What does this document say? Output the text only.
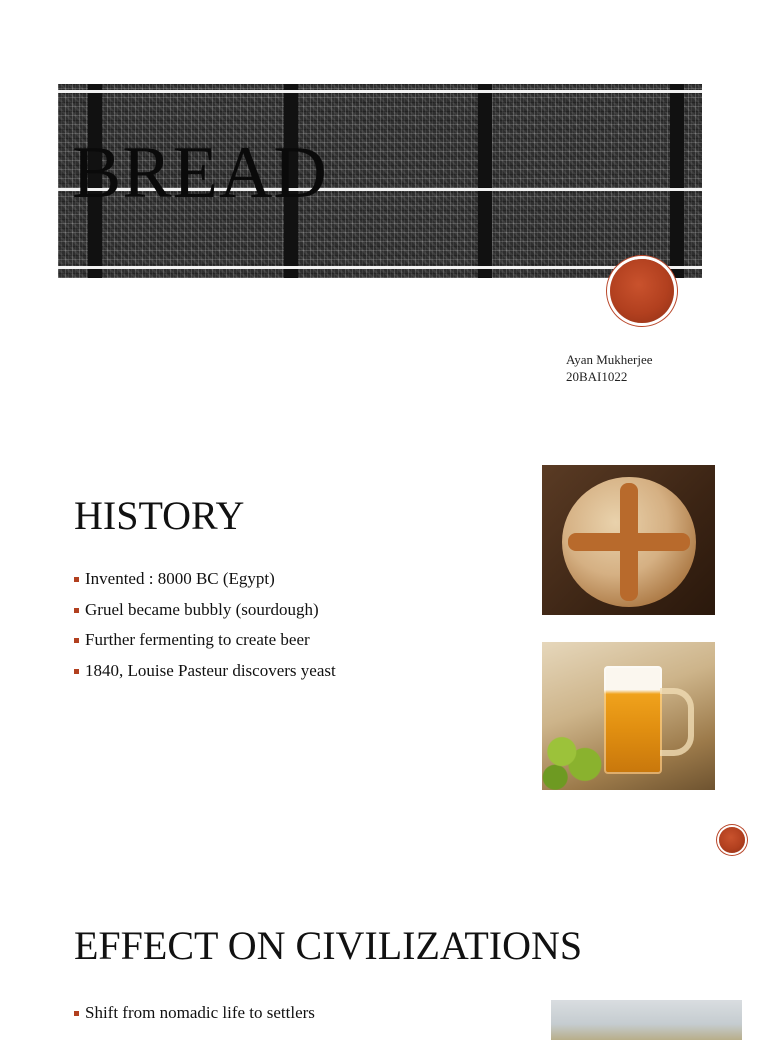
BREAD
Ayan Mukherjee
20BAI1022
HISTORY
Invented : 8000 BC (Egypt)
Gruel became bubbly (sourdough)
Further fermenting to create beer
1840, Louise Pasteur discovers yeast
EFFECT ON CIVILIZATIONS
Shift from nomadic life to settlers
